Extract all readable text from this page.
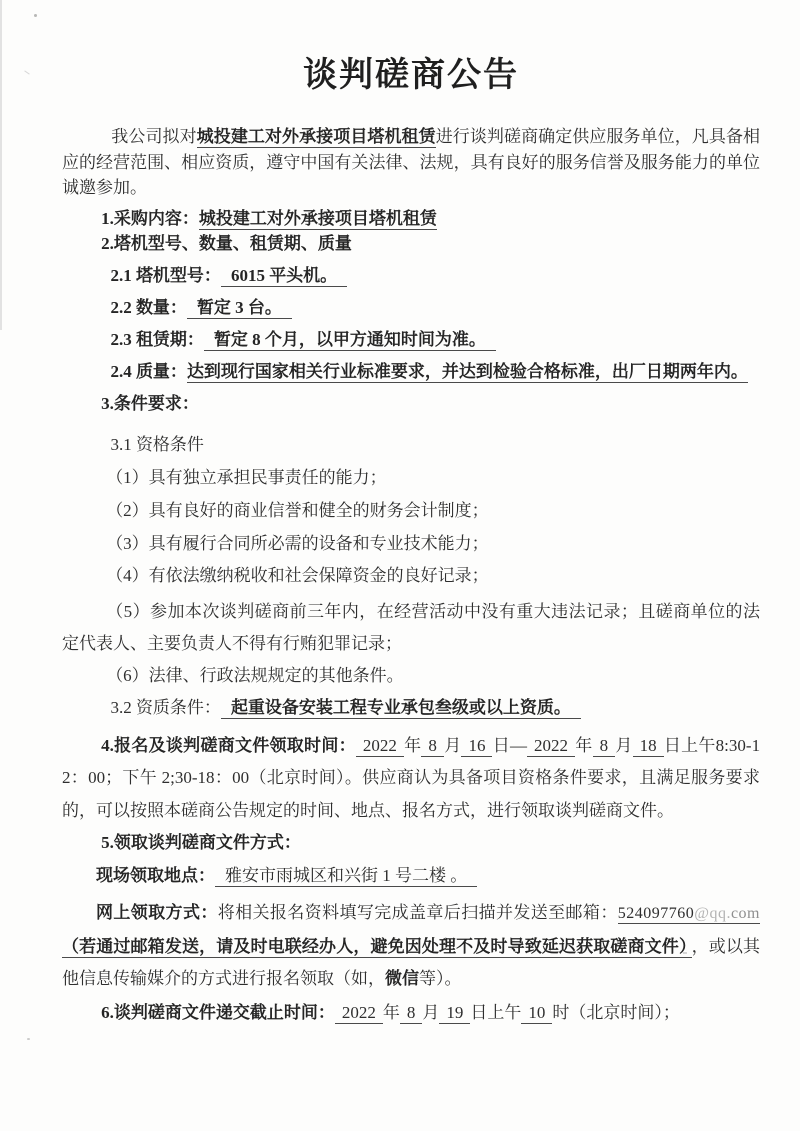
谈判磋商公告

我公司拟对城投建工对外承接项目塔机租赁进行谈判磋商确定供应服务单位，凡具备相应的经营范围、相应资质，遵守中国有关法律、法规，具有良好的服务信誉及服务能力的单位诚邀参加。

1.采购内容：城投建工对外承接项目塔机租赁

2.塔机型号、数量、租赁期、质量

2.1 塔机型号： 6015 平头机。

2.2 数量： 暂定 3 台。

2.3 租赁期： 暂定 8 个月，以甲方通知时间为准。

2.4 质量：达到现行国家相关行业标准要求，并达到检验合格标准，出厂日期两年内。

3.条件要求：

3.1 资格条件

（1）具有独立承担民事责任的能力；

（2）具有良好的商业信誉和健全的财务会计制度；

（3）具有履行合同所必需的设备和专业技术能力；

（4）有依法缴纳税收和社会保障资金的良好记录；

（5）参加本次谈判磋商前三年内，在经营活动中没有重大违法记录；且磋商单位的法定代表人、主要负责人不得有行贿犯罪记录；

（6）法律、行政法规规定的其他条件。

3.2 资质条件： 起重设备安装工程专业承包叁级或以上资质。

4.报名及谈判磋商文件领取时间： 2022 年 8 月 16 日— 2022 年 8 月 18 日上午8:30-12：00；下午 2;30-18：00（北京时间）。供应商认为具备项目资格条件要求，且满足服务要求的，可以按照本磋商公告规定的时间、地点、报名方式，进行领取谈判磋商文件。

5.领取谈判磋商文件方式：

现场领取地点： 雅安市雨城区和兴街 1 号二楼 。

网上领取方式：将相关报名资料填写完成盖章后扫描并发送至邮箱：524097760@qq.com（若通过邮箱发送，请及时电联经办人，避免因处理不及时导致延迟获取磋商文件） ，或以其他信息传输媒介的方式进行报名领取（如，微信等）。

6.谈判磋商文件递交截止时间： 2022 年 8 月 19 日上午 10 时（北京时间）；
